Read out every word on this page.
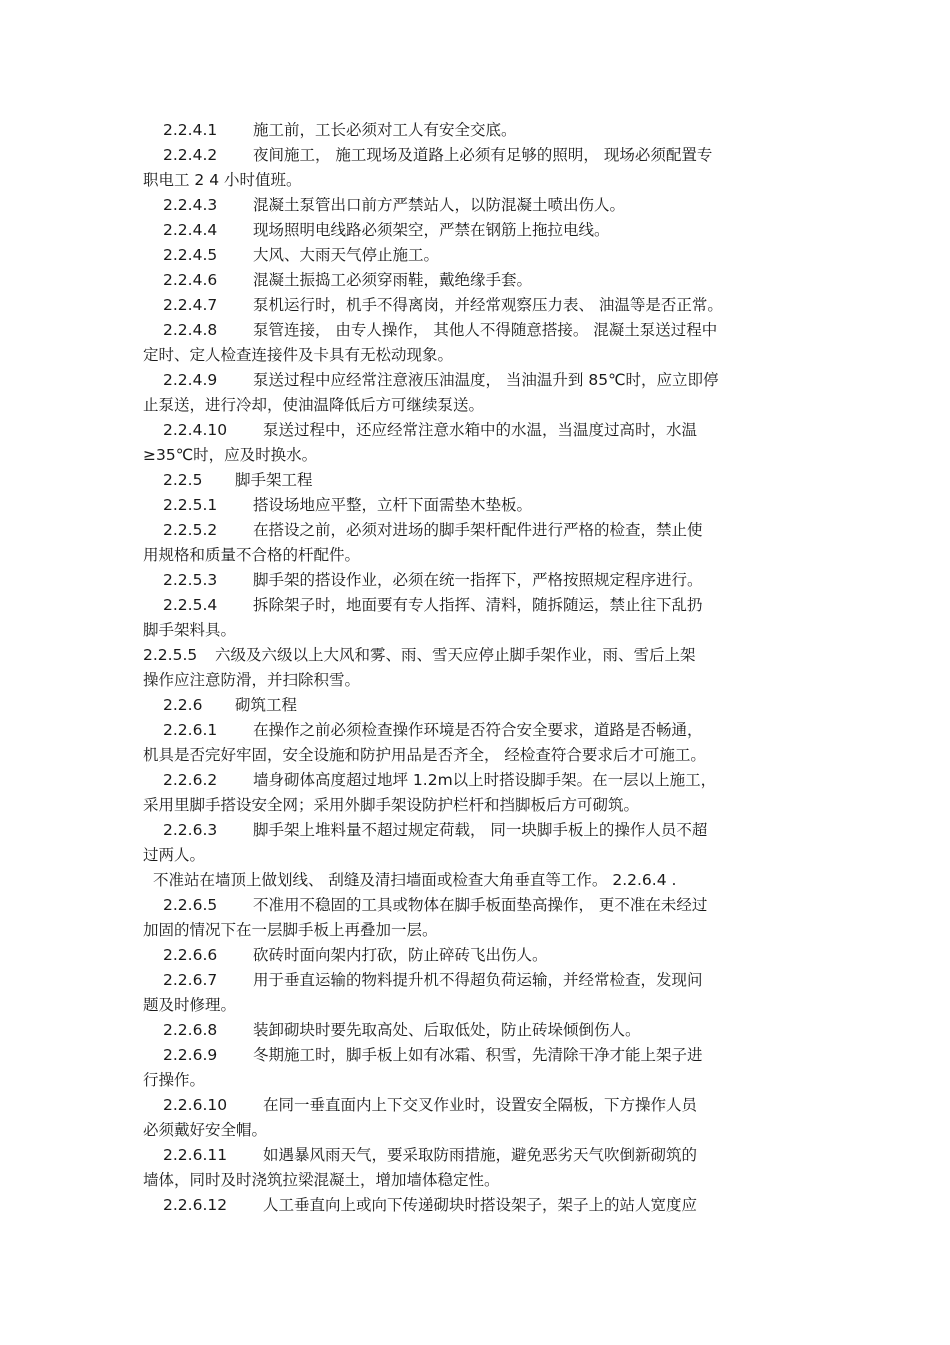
2.2.4.1 施工前，工长必须对工人有安全交底。
2.2.4.2 夜间施工， 施工现场及道路上必须有足够的照明， 现场必须配置专
职电工 2 4 小时值班。
2.2.4.3 混凝土泵管出口前方严禁站人，以防混凝土喷出伤人。
2.2.4.4 现场照明电线路必须架空，严禁在钢筋上拖拉电线。
2.2.4.5 大风、大雨天气停止施工。
2.2.4.6 混凝土振捣工必须穿雨鞋，戴绝缘手套。
2.2.4.7 泵机运行时，机手不得离岗，并经常观察压力表、 油温等是否正常。
2.2.4.8 泵管连接， 由专人操作， 其他人不得随意搭接。 混凝土泵送过程中
定时、定人检查连接件及卡具有无松动现象。
2.2.4.9 泵送过程中应经常注意液压油温度， 当油温升到 85℃时，应立即停
止泵送，进行冷却，使油温降低后方可继续泵送。
2.2.4.10 泵送过程中，还应经常注意水箱中的水温，当温度过高时，水温
≥35℃时，应及时换水。
2.2.5 脚手架工程
2.2.5.1 搭设场地应平整，立杆下面需垫木垫板。
2.2.5.2 在搭设之前，必须对进场的脚手架杆配件进行严格的检查，禁止使
用规格和质量不合格的杆配件。
2.2.5.3 脚手架的搭设作业，必须在统一指挥下，严格按照规定程序进行。
2.2.5.4 拆除架子时，地面要有专人指挥、清料，随拆随运，禁止往下乱扔
脚手架料具。
2.2.5.5 六级及六级以上大风和雾、雨、雪天应停止脚手架作业，雨、雪后上架
操作应注意防滑，并扫除积雪。
2.2.6 砌筑工程
2.2.6.1 在操作之前必须检查操作环境是否符合安全要求，道路是否畅通，
机具是否完好牢固，安全设施和防护用品是否齐全， 经检查符合要求后才可施工。
2.2.6.2 墙身砌体高度超过地坪 1.2m以上时搭设脚手架。在一层以上施工，
采用里脚手搭设安全网；采用外脚手架设防护栏杆和挡脚板后方可砌筑。
2.2.6.3 脚手架上堆料量不超过规定荷载， 同一块脚手板上的操作人员不超
过两人。
不准站在墙顶上做划线、 刮缝及清扫墙面或检查大角垂直等工作。 2.2.6.4 .
2.2.6.5 不准用不稳固的工具或物体在脚手板面垫高操作， 更不准在未经过
加固的情况下在一层脚手板上再叠加一层。
2.2.6.6 砍砖时面向架内打砍，防止碎砖飞出伤人。
2.2.6.7 用于垂直运输的物料提升机不得超负荷运输，并经常检查，发现问
题及时修理。
2.2.6.8 装卸砌块时要先取高处、后取低处，防止砖垛倾倒伤人。
2.2.6.9 冬期施工时，脚手板上如有冰霜、积雪，先清除干净才能上架子进
行操作。
2.2.6.10 在同一垂直面内上下交叉作业时，设置安全隔板，下方操作人员
必须戴好安全帽。
2.2.6.11 如遇暴风雨天气，要采取防雨措施，避免恶劣天气吹倒新砌筑的
墙体，同时及时浇筑拉梁混凝土，增加墙体稳定性。
2.2.6.12 人工垂直向上或向下传递砌块时搭设架子，架子上的站人宽度应
